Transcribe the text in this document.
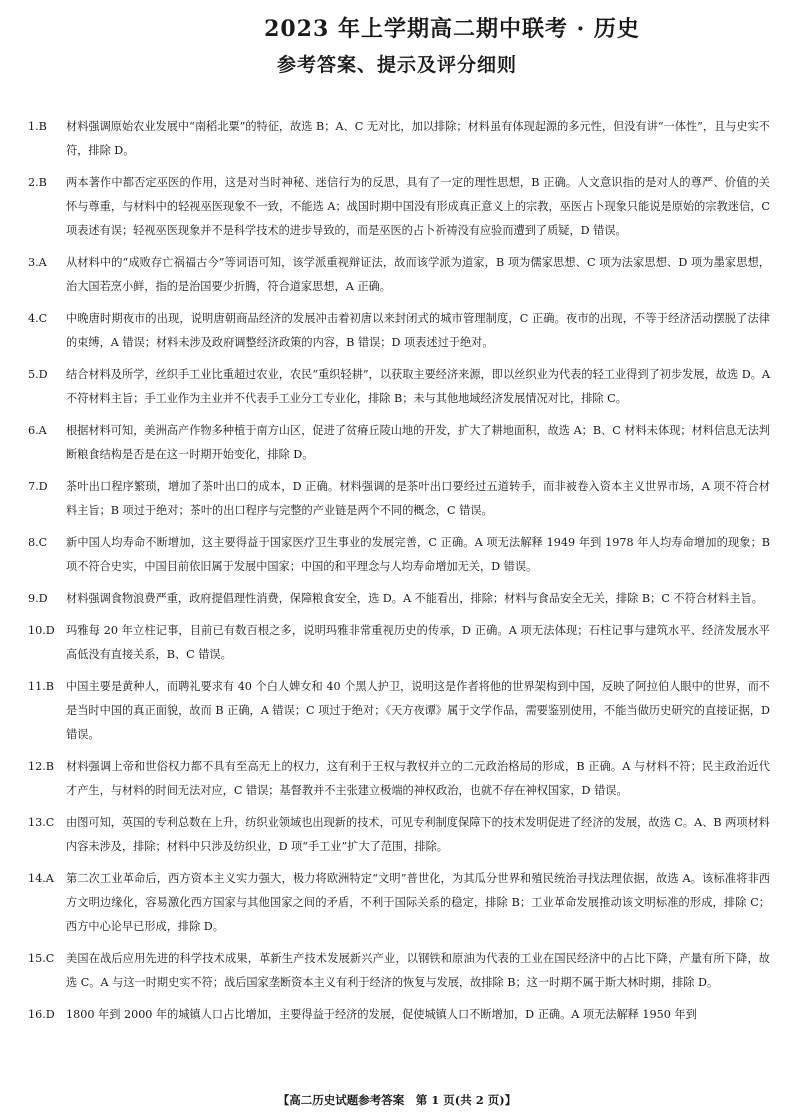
2023 年上学期高二期中联考 · 历史
参考答案、提示及评分细则
1.B	材料强调原始农业发展中“南稻北粟”的特征，故选 B；A、C 无对比，加以排除；材料虽有体现起源的多元性，但没有讲“一体性”，且与史实不符，排除 D。
2.B	两本著作中都否定巫医的作用，这是对当时神秘、迷信行为的反思，具有了一定的理性思想，B 正确。人文意识指的是对人的尊严、价值的关怀与尊重，与材料中的轻视巫医现象不一致，不能选 A；战国时期中国没有形成真正意义上的宗教，巫医占卜现象只能说是原始的宗教迷信，C 项表述有误；轻视巫医现象并不是科学技术的进步导致的，而是巫医的占卜祈祷没有应验而遭到了质疑，D 错误。
3.A	从材料中的“成败存亡祸福古今”等词语可知，该学派重视辩证法，故而该学派为道家，B 项为儒家思想、C 项为法家思想、D 项为墨家思想，治大国若烹小鲜，指的是治国要少折腾，符合道家思想，A 正确。
4.C	中晚唐时期夜市的出现，说明唐朝商品经济的发展冲击着初唐以来封闭式的城市管理制度，C 正确。夜市的出现，不等于经济活动摆脱了法律的束缚，A 错误；材料未涉及政府调整经济政策的内容，B 错误；D 项表述过于绝对。
5.D	结合材料及所学，丝织手工业比重超过农业，农民“重织轻耕”，以获取主要经济来源，即以丝织业为代表的轻工业得到了初步发展，故选 D。A 不符材料主旨；手工业作为主业并不代表手工业分工专业化，排除 B；未与其他地域经济发展情况对比，排除 C。
6.A	根据材料可知，美洲高产作物多种植于南方山区，促进了贫瘠丘陵山地的开发，扩大了耕地面积，故选 A；B、C 材料未体现；材料信息无法判断粮食结构是否是在这一时期开始变化，排除 D。
7.D	茶叶出口程序繁琐，增加了茶叶出口的成本，D 正确。材料强调的是茶叶出口要经过五道转手，而非被卷入资本主义世界市场，A 项不符合材料主旨；B 项过于绝对；茶叶的出口程序与完整的产业链是两个不同的概念，C 错误。
8.C	新中国人均寿命不断增加，这主要得益于国家医疗卫生事业的发展完善，C 正确。A 项无法解释 1949 年到 1978 年人均寿命增加的现象；B 项不符合史实，中国目前依旧属于发展中国家；中国的和平理念与人均寿命增加无关，D 错误。
9.D	材料强调食物浪费严重，政府提倡理性消费，保障粮食安全，选 D。A 不能看出，排除；材料与食品安全无关，排除 B；C 不符合材料主旨。
10.D	玛雅每 20 年立柱记事，目前已有数百根之多，说明玛雅非常重视历史的传承，D 正确。A 项无法体现；石柱记事与建筑水平、经济发展水平高低没有直接关系，B、C 错误。
11.B	中国主要是黄种人，而聘礼要求有 40 个白人婢女和 40 个黑人护卫，说明这是作者将他的世界架构到中国，反映了阿拉伯人眼中的世界，而不是当时中国的真正面貌，故而 B 正确，A 错误；C 项过于绝对；《天方夜谭》属于文学作品，需要鉴别使用，不能当做历史研究的直接证据，D 错误。
12.B	材料强调上帝和世俗权力都不具有至高无上的权力，这有利于王权与教权并立的二元政治格局的形成，B 正确。A 与材料不符；民主政治近代才产生，与材料的时间无法对应，C 错误；基督教并不主张建立极端的神权政治，也就不存在神权国家，D 错误。
13.C	由图可知，英国的专利总数在上升，纺织业领域也出现新的技术，可见专利制度保障下的技术发明促进了经济的发展，故选 C。A、B 两项材料内容未涉及，排除；材料中只涉及纺织业，D 项“手工业”扩大了范围，排除。
14.A	第二次工业革命后，西方资本主义实力强大，极力将欧洲特定“文明”普世化，为其瓜分世界和殖民统治寻找法理依据，故选 A。该标准将非西方文明边缘化，容易激化西方国家与其他国家之间的矛盾，不利于国际关系的稳定，排除 B；工业革命发展推动该文明标准的形成，排除 C；西方中心论早已形成，排除 D。
15.C	美国在战后应用先进的科学技术成果，革新生产技术发展新兴产业，以钢铁和原油为代表的工业在国民经济中的占比下降，产量有所下降，故选 C。A 与这一时期史实不符；战后国家垄断资本主义有利于经济的恢复与发展，故排除 B；这一时期不属于斯大林时期，排除 D。
16.D	1800 年到 2000 年的城镇人口占比增加，主要得益于经济的发展，促使城镇人口不断增加，D 正确。A 项无法解释 1950 年到
【高二历史试题参考答案　第 1 页(共 2 页)】
